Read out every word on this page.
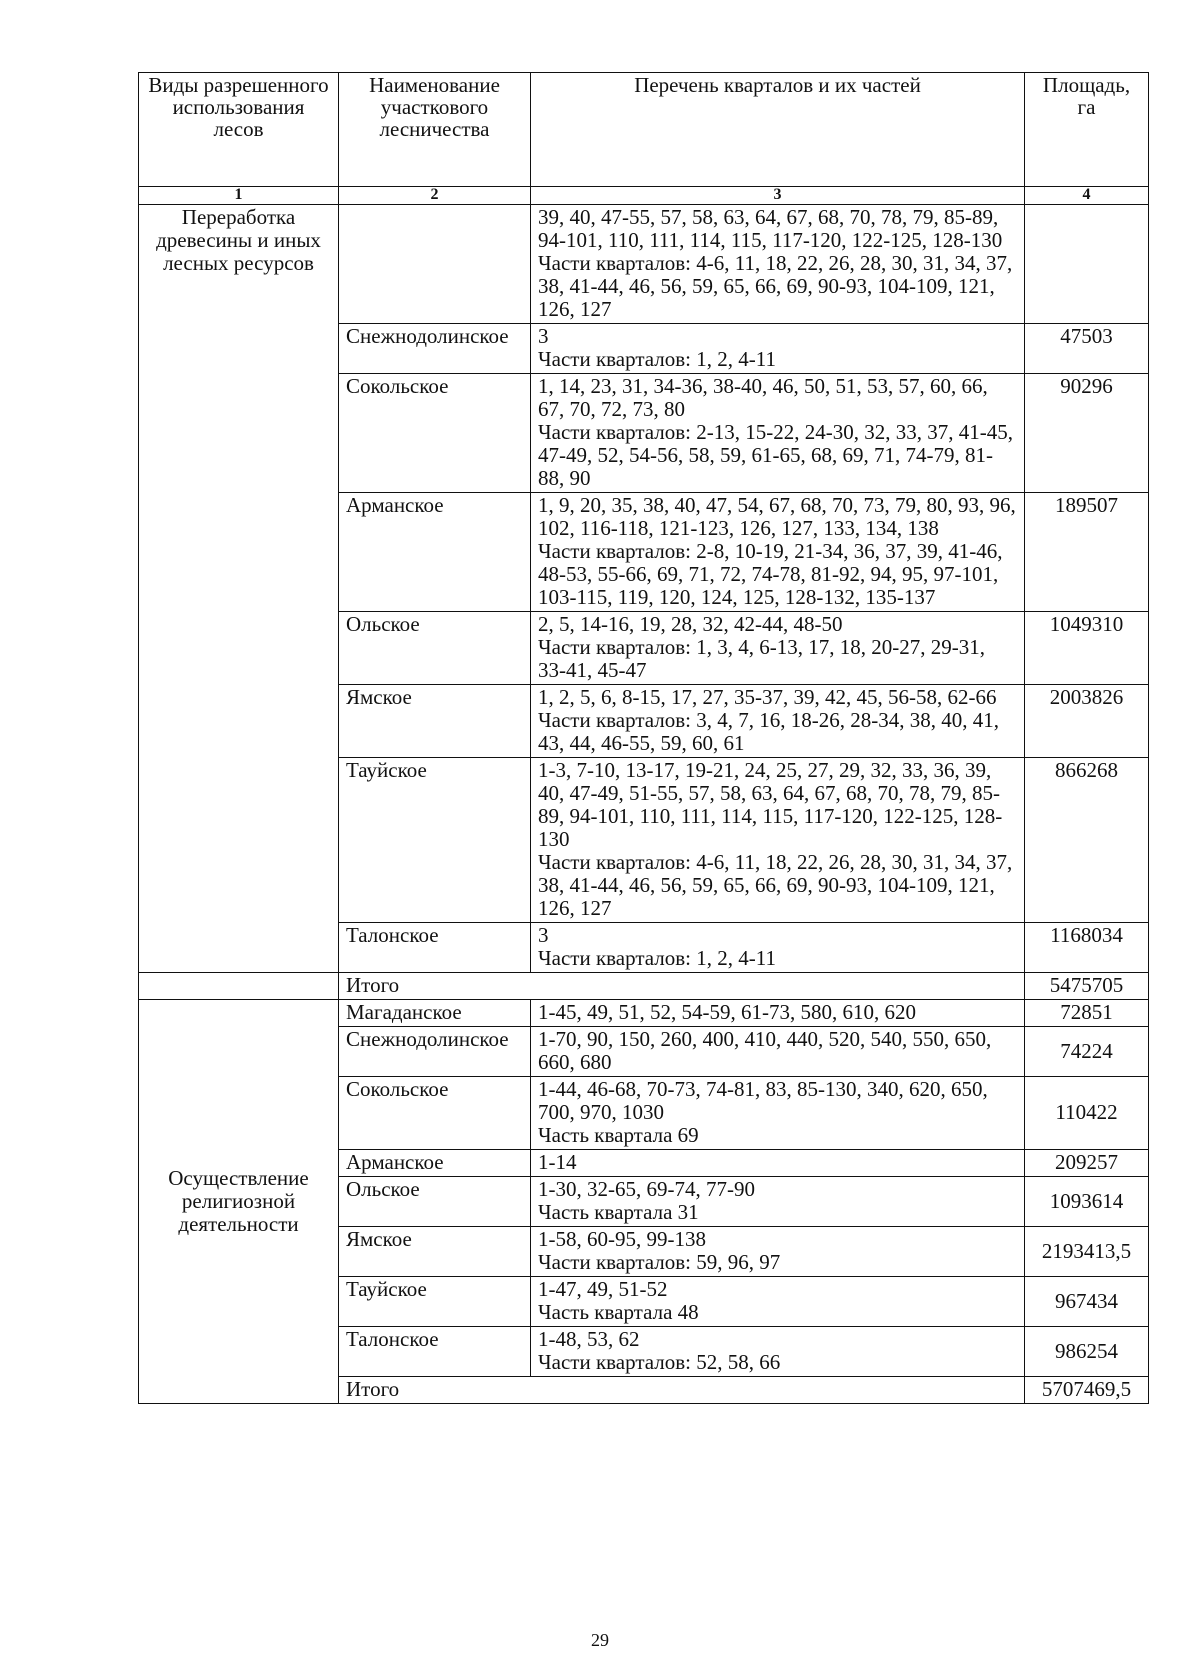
Виды разрешенного использования лесов	Наименование участкового лесничества	Перечень кварталов и их частей	Площадь, га
1	2	3	4
Переработка древесины и иных лесных ресурсов		39, 40, 47-55, 57, 58, 63, 64, 67, 68, 70, 78, 79, 85-89, 94-101, 110, 111, 114, 115, 117-120, 122-125, 128-130
Части кварталов: 4-6, 11, 18, 22, 26, 28, 30, 31, 34, 37, 38, 41-44, 46, 56, 59, 65, 66, 69, 90-93, 104-109, 121, 126, 127	

	Снежнодолинское	3
Части кварталов: 1, 2, 4-11	47503
	Сокольское	1, 14, 23, 31, 34-36, 38-40, 46, 50, 51, 53, 57, 60, 66, 67, 70, 72, 73, 80
Части кварталов: 2-13, 15-22, 24-30, 32, 33, 37, 41-45, 47-49, 52, 54-56, 58, 59, 61-65, 68, 69, 71, 74-79, 81-88, 90	90296
	Арманское	1, 9, 20, 35, 38, 40, 47, 54, 67, 68, 70, 73, 79, 80, 93, 96, 102, 116-118, 121-123, 126, 127, 133, 134, 138
Части кварталов: 2-8, 10-19, 21-34, 36, 37, 39, 41-46, 48-53, 55-66, 69, 71, 72, 74-78, 81-92, 94, 95, 97-101, 103-115, 119, 120, 124, 125, 128-132, 135-137	189507
	Ольское	2, 5, 14-16, 19, 28, 32, 42-44, 48-50
Части кварталов: 1, 3, 4, 6-13, 17, 18, 20-27, 29-31, 33-41, 45-47	1049310
	Ямское	1, 2, 5, 6, 8-15, 17, 27, 35-37, 39, 42, 45, 56-58, 62-66
Части кварталов: 3, 4, 7, 16, 18-26, 28-34, 38, 40, 41, 43, 44, 46-55, 59, 60, 61	2003826
	Тауйское	1-3, 7-10, 13-17, 19-21, 24, 25, 27, 29, 32, 33, 36, 39, 40, 47-49, 51-55, 57, 58, 63, 64, 67, 68, 70, 78, 79, 85-89, 94-101, 110, 111, 114, 115, 117-120, 122-125, 128-130
Части кварталов: 4-6, 11, 18, 22, 26, 28, 30, 31, 34, 37, 38, 41-44, 46, 56, 59, 65, 66, 69, 90-93, 104-109, 121, 126, 127	866268
	Талонское	3
Части кварталов: 1, 2, 4-11	1168034
	Итого		5475705
Осуществление религиозной деятельности	Магаданское	1-45, 49, 51, 52, 54-59, 61-73, 580, 610, 620	72851
	Снежнодолинское	1-70, 90, 150, 260, 400, 410, 440, 520, 540, 550, 650, 660, 680	74224
	Сокольское	1-44, 46-68, 70-73, 74-81, 83, 85-130, 340, 620, 650, 700, 970, 1030
Часть квартала 69	110422
	Арманское	1-14	209257
	Ольское	1-30, 32-65, 69-74, 77-90
Часть квартала 31	1093614
	Ямское	1-58, 60-95, 99-138
Части кварталов: 59, 96, 97	2193413,5
	Тауйское	1-47, 49, 51-52
Часть квартала 48	967434
	Талонское	1-48, 53, 62
Части кварталов: 52, 58, 66	986254
	Итого		5707469,5
29
